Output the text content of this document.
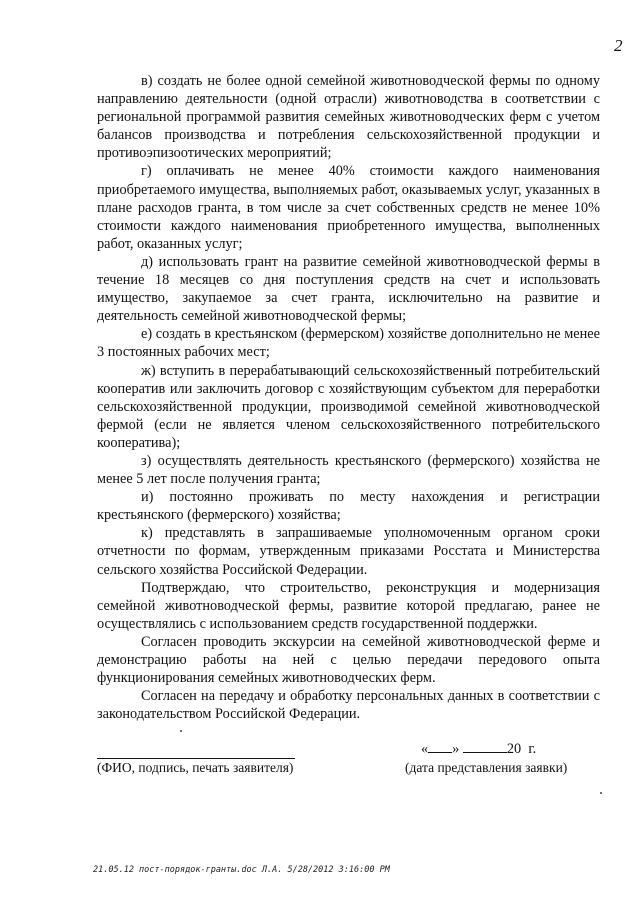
2

в) создать не более одной семейной животноводческой фермы по одному направлению деятельности (одной отрасли) животноводства в соответствии с региональной программой развития семейных животноводческих ферм с учетом балансов производства и потребления сельскохозяйственной продукции и противоэпизоотических мероприятий;

г) оплачивать не менее 40% стоимости каждого наименования приобретаемого имущества, выполняемых работ, оказываемых услуг, указанных в плане расходов гранта, в том числе за счет собственных средств не менее 10% стоимости каждого наименования приобретенного имущества, выполненных работ, оказанных услуг;

д) использовать грант на развитие семейной животноводческой фермы в течение 18 месяцев со дня поступления средств на счет и использовать имущество, закупаемое за счет гранта, исключительно на развитие и деятельность семейной животноводческой фермы;

е) создать в крестьянском (фермерском) хозяйстве дополнительно не менее 3 постоянных рабочих мест;

ж) вступить в перерабатывающий сельскохозяйственный потребительский кооператив или заключить договор с хозяйствующим субъектом для переработки сельскохозяйственной продукции, производимой семейной животноводческой фермой (если не является членом сельскохозяйственного потребительского кооператива);

з) осуществлять деятельность крестьянского (фермерского) хозяйства не менее 5 лет после получения гранта;

и) постоянно проживать по месту нахождения и регистрации крестьянского (фермерского) хозяйства;

к) представлять в запрашиваемые уполномоченным органом сроки отчетности по формам, утвержденным приказами Росстата и Министерства сельского хозяйства Российской Федерации.

Подтверждаю, что строительство, реконструкция и модернизация семейной животноводческой фермы, развитие которой предлагаю, ранее не осуществлялись с использованием средств государственной поддержки.

Согласен проводить экскурсии на семейной животноводческой ферме и демонстрацию работы на ней с целью передачи передового опыта функционирования семейных животноводческих ферм.

Согласен на передачу и обработку персональных данных в соответствии с законодательством Российской Федерации.

(ФИО, подпись, печать заявителя)
« »	20  г.
(дата представления заявки)
21.05.12 пост-порядок-гранты.doc Л.А. 5/28/2012 3:16:00 PM
